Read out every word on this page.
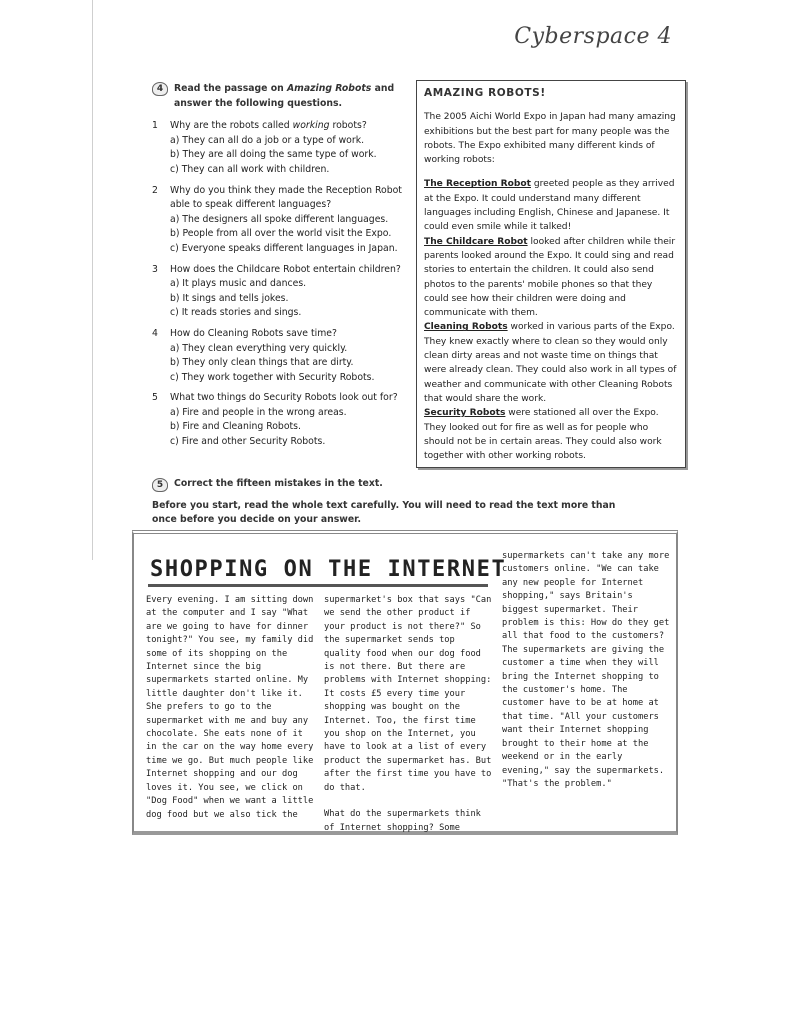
Cyberspace 4
4	Read the passage on Amazing Robots and answer the following questions.
1	Why are the robots called working robots?
a) They can all do a job or a type of work.
b) They are all doing the same type of work.
c) They can all work with children.
2	Why do you think they made the Reception Robot able to speak different languages?
a) The designers all spoke different languages.
b) People from all over the world visit the Expo.
c) Everyone speaks different languages in Japan.
3	How does the Childcare Robot entertain children?
a) It plays music and dances.
b) It sings and tells jokes.
c) It reads stories and sings.
4	How do Cleaning Robots save time?
a) They clean everything very quickly.
b) They only clean things that are dirty.
c) They work together with Security Robots.
5	What two things do Security Robots look out for?
a) Fire and people in the wrong areas.
b) Fire and Cleaning Robots.
c) Fire and other Security Robots.
AMAZING ROBOTS!

The 2005 Aichi World Expo in Japan had many amazing exhibitions but the best part for many people was the robots. The Expo exhibited many different kinds of working robots:

The Reception Robot greeted people as they arrived at the Expo. It could understand many different languages including English, Chinese and Japanese. It could even smile while it talked!

The Childcare Robot looked after children while their parents looked around the Expo. It could sing and read stories to entertain the children. It could also send photos to the parents' mobile phones so that they could see how their children were doing and communicate with them.

Cleaning Robots worked in various parts of the Expo. They knew exactly where to clean so they would only clean dirty areas and not waste time on things that were already clean. They could also work in all types of weather and communicate with other Cleaning Robots that would share the work.

Security Robots were stationed all over the Expo. They looked out for fire as well as for people who should not be in certain areas. They could also work together with other working robots.

5	Correct the fifteen mistakes in the text.
Before you start, read the whole text carefully. You will need to read the text more than once before you decide on your answer.
SHOPPING ON THE INTERNET

Every evening. I am sitting down at the computer and I say "What are we going to have for dinner tonight?" You see, my family did some of its shopping on the Internet since the big supermarkets started online. My little daughter don't like it. She prefers to go to the supermarket with me and buy any chocolate. She eats none of it in the car on the way home every time we go. But much people like Internet shopping and our dog loves it. You see, we click on "Dog Food" when we want a little dog food but we also tick the

supermarket's box that says "Can we send the other product if your product is not there?" So the supermarket sends top quality food when our dog food is not there. But there are problems with Internet shopping: It costs £5 every time your shopping was bought on the Internet. Too, the first time you shop on the Internet, you have to look at a list of every product the supermarket has. But after the first time you have to do that.

What do the supermarkets think of Internet shopping? Some

supermarkets can't take any more customers online. "We can take any new people for Internet shopping," says Britain's biggest supermarket. Their problem is this: How do they get all that food to the customers? The supermarkets are giving the customer a time when they will bring the Internet shopping to the customer's home. The customer have to be at home at that time. "All your customers want their Internet shopping brought to their home at the weekend or in the early evening," say the supermarkets. "That's the problem."
